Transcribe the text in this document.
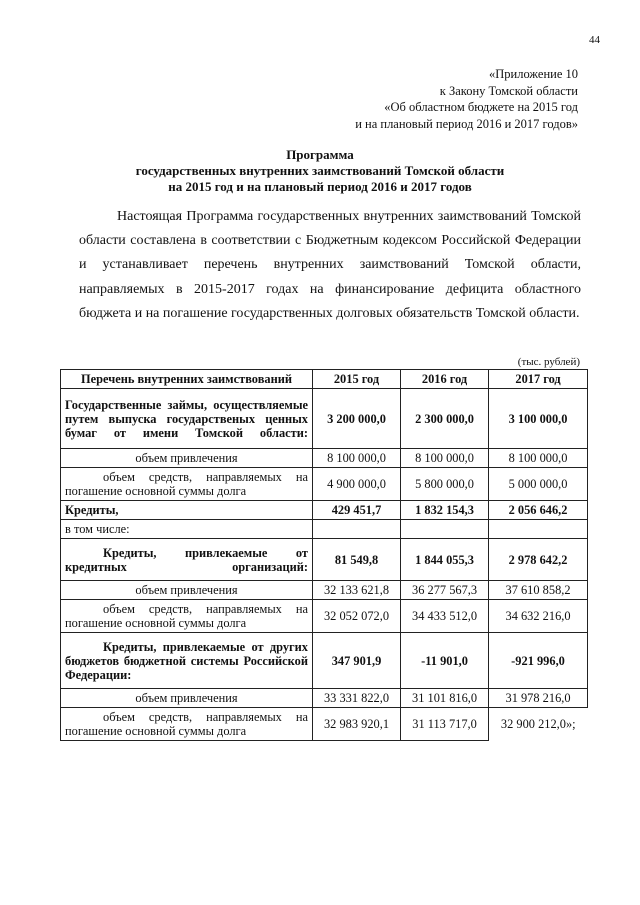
44
«Приложение 10
к Закону Томской области
«Об областном бюджете на 2015 год
и на плановый период 2016 и 2017 годов»
Программа
государственных внутренних заимствований Томской области
на 2015 год и на плановый период 2016 и 2017 годов

Настоящая Программа государственных внутренних заимствований Томской области составлена в соответствии с Бюджетным кодексом Российской Федерации и устанавливает перечень внутренних заимствований Томской области, направляемых в 2015-2017 годах на финансирование дефицита областного бюджета и на погашение государственных долговых обязательств Томской области.

(тыс. рублей)
Перечень внутренних заимствований	2015 год	2016 год	2017 год
Государственные займы, осуществляемые путем выпуска государственых ценных бумаг от имени Томской области:	3 200 000,0	2 300 000,0	3 100 000,0
объем привлечения	8 100 000,0	8 100 000,0	8 100 000,0
объем средств, направляемых на погашение основной суммы долга	4 900 000,0	5 800 000,0	5 000 000,0
Кредиты,	429 451,7	1 832 154,3	2 056 646,2
в том числе:			
Кредиты, привлекаемые от кредитных организаций:	81 549,8	1 844 055,3	2 978 642,2
объем привлечения	32 133 621,8	36 277 567,3	37 610 858,2
объем средств, направляемых на погашение основной суммы долга	32 052 072,0	34 433 512,0	34 632 216,0
Кредиты, привлекаемые от других бюджетов бюджетной системы Российской Федерации:	347 901,9	-11 901,0	-921 996,0
объем привлечения	33 331 822,0	31 101 816,0	31 978 216,0
объем средств, направляемых на погашение основной суммы долга	32 983 920,1	31 113 717,0	32 900 212,0»;
